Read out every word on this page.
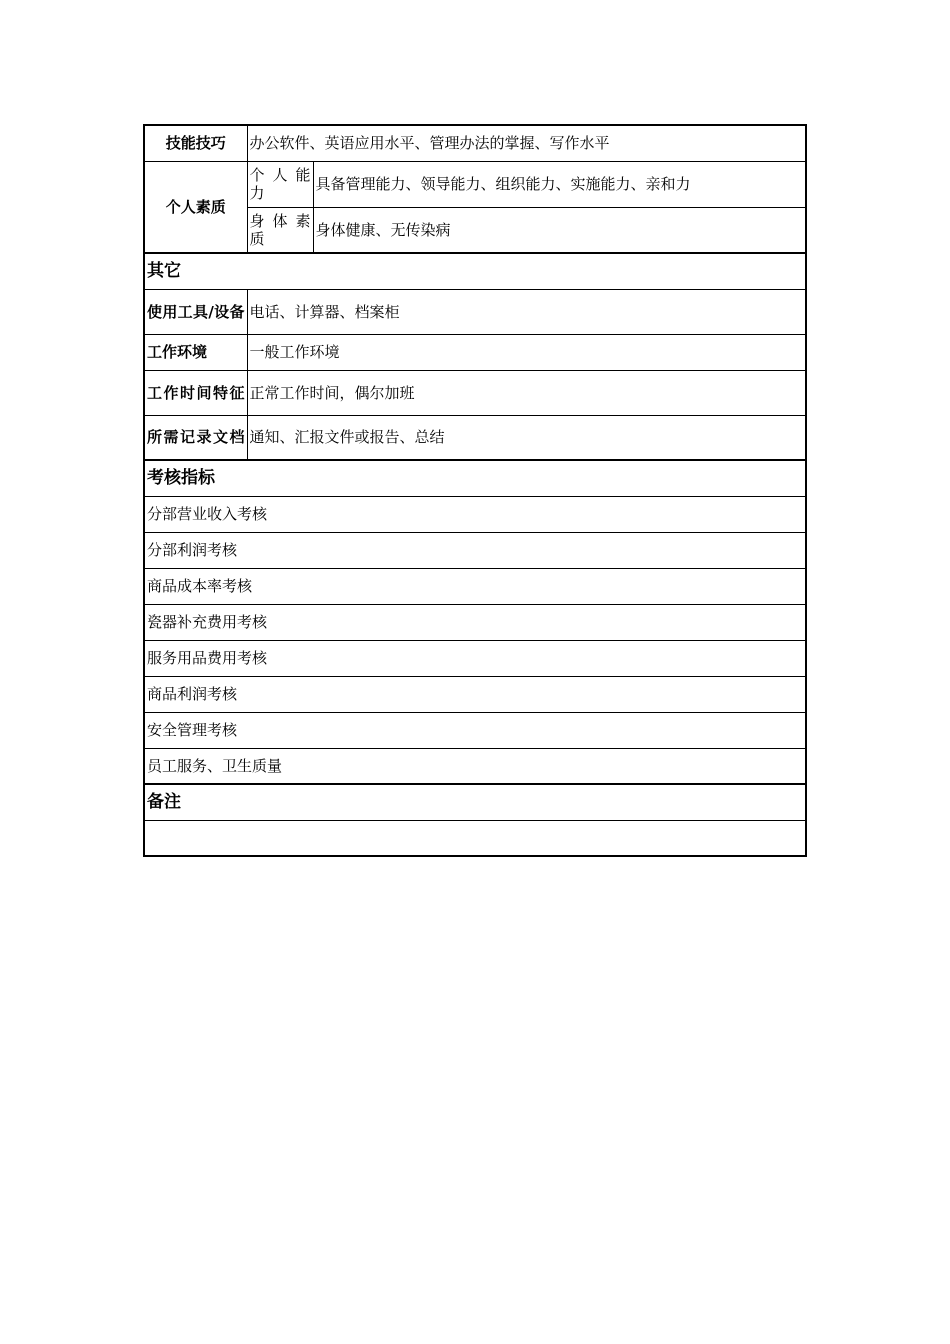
技能技巧	办公软件、英语应用水平、管理办法的掌握、写作水平	
个人素质	个 人 能力	具备管理能力、领导能力、组织能力、实施能力、亲和力
	身 体 素质	身体健康、无传染病
其它		
使用工具/设备	电话、计算器、档案柜	
工作环境	一般工作环境	
工作时间特征	正常工作时间，偶尔加班	
所需记录文档	通知、汇报文件或报告、总结	
考核指标		
分部营业收入考核		
分部利润考核		
商品成本率考核		
瓷器补充费用考核		
服务用品费用考核		
商品利润考核		
安全管理考核		
员工服务、卫生质量		
备注		
